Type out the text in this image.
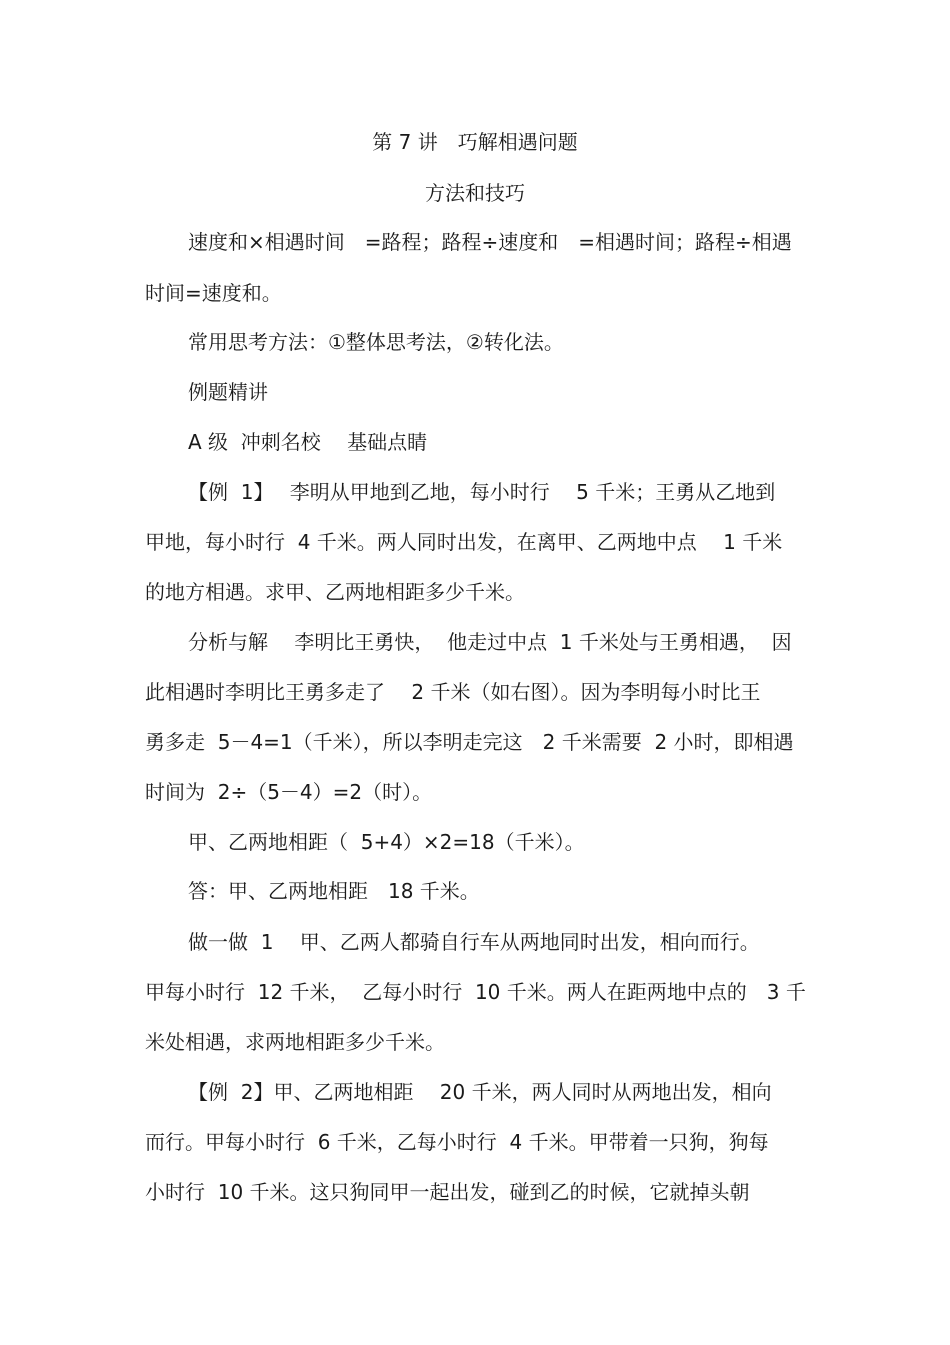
第 7 讲　巧解相遇问题
方法和技巧
速度和×相遇时间　=路程；路程÷速度和　=相遇时间；路程÷相遇
时间=速度和。
常用思考方法：①整体思考法，②转化法。
例题精讲
A 级  冲刺名校　 基础点睛
【例  1】　 李明从甲地到乙地，每小时行　 5 千米；王勇从乙地到
甲地，每小时行  4 千米。两人同时出发，在离甲、乙两地中点　 1 千米
的地方相遇。求甲、乙两地相距多少千米。
分析与解　 李明比王勇快，  他走过中点  1 千米处与王勇相遇，  因
此相遇时李明比王勇多走了　 2 千米（如右图）。因为李明每小时比王
勇多走  5－4=1（千米），所以李明走完这　2 千米需要  2 小时，即相遇
时间为  2÷（5－4）=2（时）。
甲、乙两地相距（  5+4）×2=18（千米）。
答：甲、乙两地相距　18 千米。
做一做  1　 甲、乙两人都骑自行车从两地同时出发，相向而行。
甲每小时行  12 千米，  乙每小时行  10 千米。两人在距两地中点的　3 千
米处相遇，求两地相距多少千米。
【例  2】甲、乙两地相距　 20 千米，两人同时从两地出发，相向
而行。甲每小时行  6 千米，乙每小时行  4 千米。甲带着一只狗，狗每
小时行  10 千米。这只狗同甲一起出发，碰到乙的时候，它就掉头朝
